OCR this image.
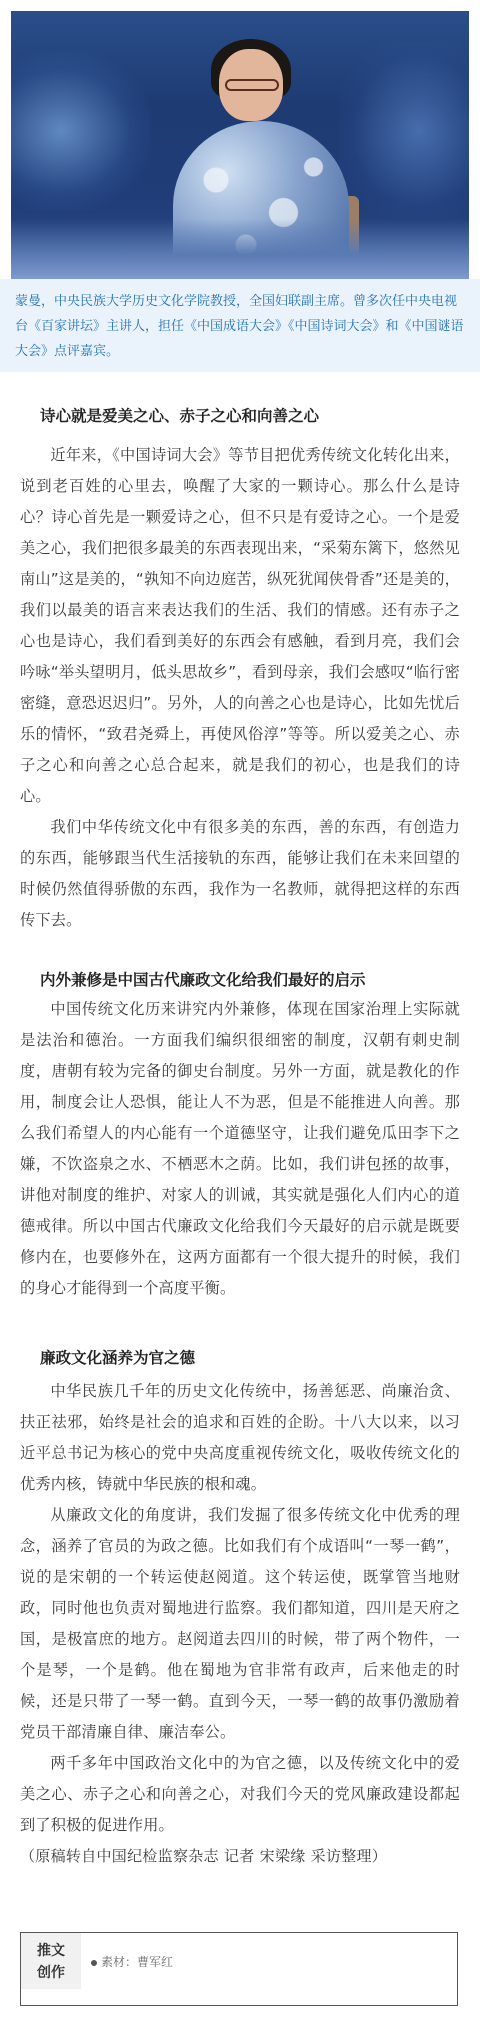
蒙曼，中央民族大学历史文化学院教授，全国妇联副主席。曾多次任中央电视台《百家讲坛》主讲人，担任《中国成语大会》《中国诗词大会》和《中国谜语大会》点评嘉宾。

诗心就是爱美之心、赤子之心和向善之心

近年来，《中国诗词大会》等节目把优秀传统文化转化出来，说到老百姓的心里去，唤醒了大家的一颗诗心。那么什么是诗心？诗心首先是一颗爱诗之心，但不只是有爱诗之心。一个是爱美之心，我们把很多最美的东西表现出来，“采菊东篱下，悠然见南山”这是美的，“孰知不向边庭苦，纵死犹闻侠骨香”还是美的，我们以最美的语言来表达我们的生活、我们的情感。还有赤子之心也是诗心，我们看到美好的东西会有感触，看到月亮，我们会吟咏“举头望明月，低头思故乡”，看到母亲，我们会感叹“临行密密缝，意恐迟迟归”。另外，人的向善之心也是诗心，比如先忧后乐的情怀，“致君尧舜上，再使风俗淳”等等。所以爱美之心、赤子之心和向善之心总合起来，就是我们的初心，也是我们的诗心。

我们中华传统文化中有很多美的东西，善的东西，有创造力的东西，能够跟当代生活接轨的东西，能够让我们在未来回望的时候仍然值得骄傲的东西，我作为一名教师，就得把这样的东西传下去。

内外兼修是中国古代廉政文化给我们最好的启示

中国传统文化历来讲究内外兼修，体现在国家治理上实际就是法治和德治。一方面我们编织很细密的制度，汉朝有刺史制度，唐朝有较为完备的御史台制度。另外一方面，就是教化的作用，制度会让人恐惧，能让人不为恶，但是不能推进人向善。那么我们希望人的内心能有一个道德坚守，让我们避免瓜田李下之嫌，不饮盗泉之水、不栖恶木之荫。比如，我们讲包拯的故事，讲他对制度的维护、对家人的训诫，其实就是强化人们内心的道德戒律。所以中国古代廉政文化给我们今天最好的启示就是既要修内在，也要修外在，这两方面都有一个很大提升的时候，我们的身心才能得到一个高度平衡。

廉政文化涵养为官之德

中华民族几千年的历史文化传统中，扬善惩恶、尚廉治贪、扶正祛邪，始终是社会的追求和百姓的企盼。十八大以来，以习近平总书记为核心的党中央高度重视传统文化，吸收传统文化的优秀内核，铸就中华民族的根和魂。

从廉政文化的角度讲，我们发掘了很多传统文化中优秀的理念，涵养了官员的为政之德。比如我们有个成语叫“一琴一鹤”，说的是宋朝的一个转运使赵阅道。这个转运使，既掌管当地财政，同时他也负责对蜀地进行监察。我们都知道，四川是天府之国，是极富庶的地方。赵阅道去四川的时候，带了两个物件，一个是琴，一个是鹤。他在蜀地为官非常有政声，后来他走的时候，还是只带了一琴一鹤。直到今天，一琴一鹤的故事仍激励着党员干部清廉自律、廉洁奉公。

两千多年中国政治文化中的为官之德，以及传统文化中的爱美之心、赤子之心和向善之心，对我们今天的党风廉政建设都起到了积极的促进作用。

（原稿转自中国纪检监察杂志 记者 宋梁缘 采访整理）

推文
创作
素材：曹军红
